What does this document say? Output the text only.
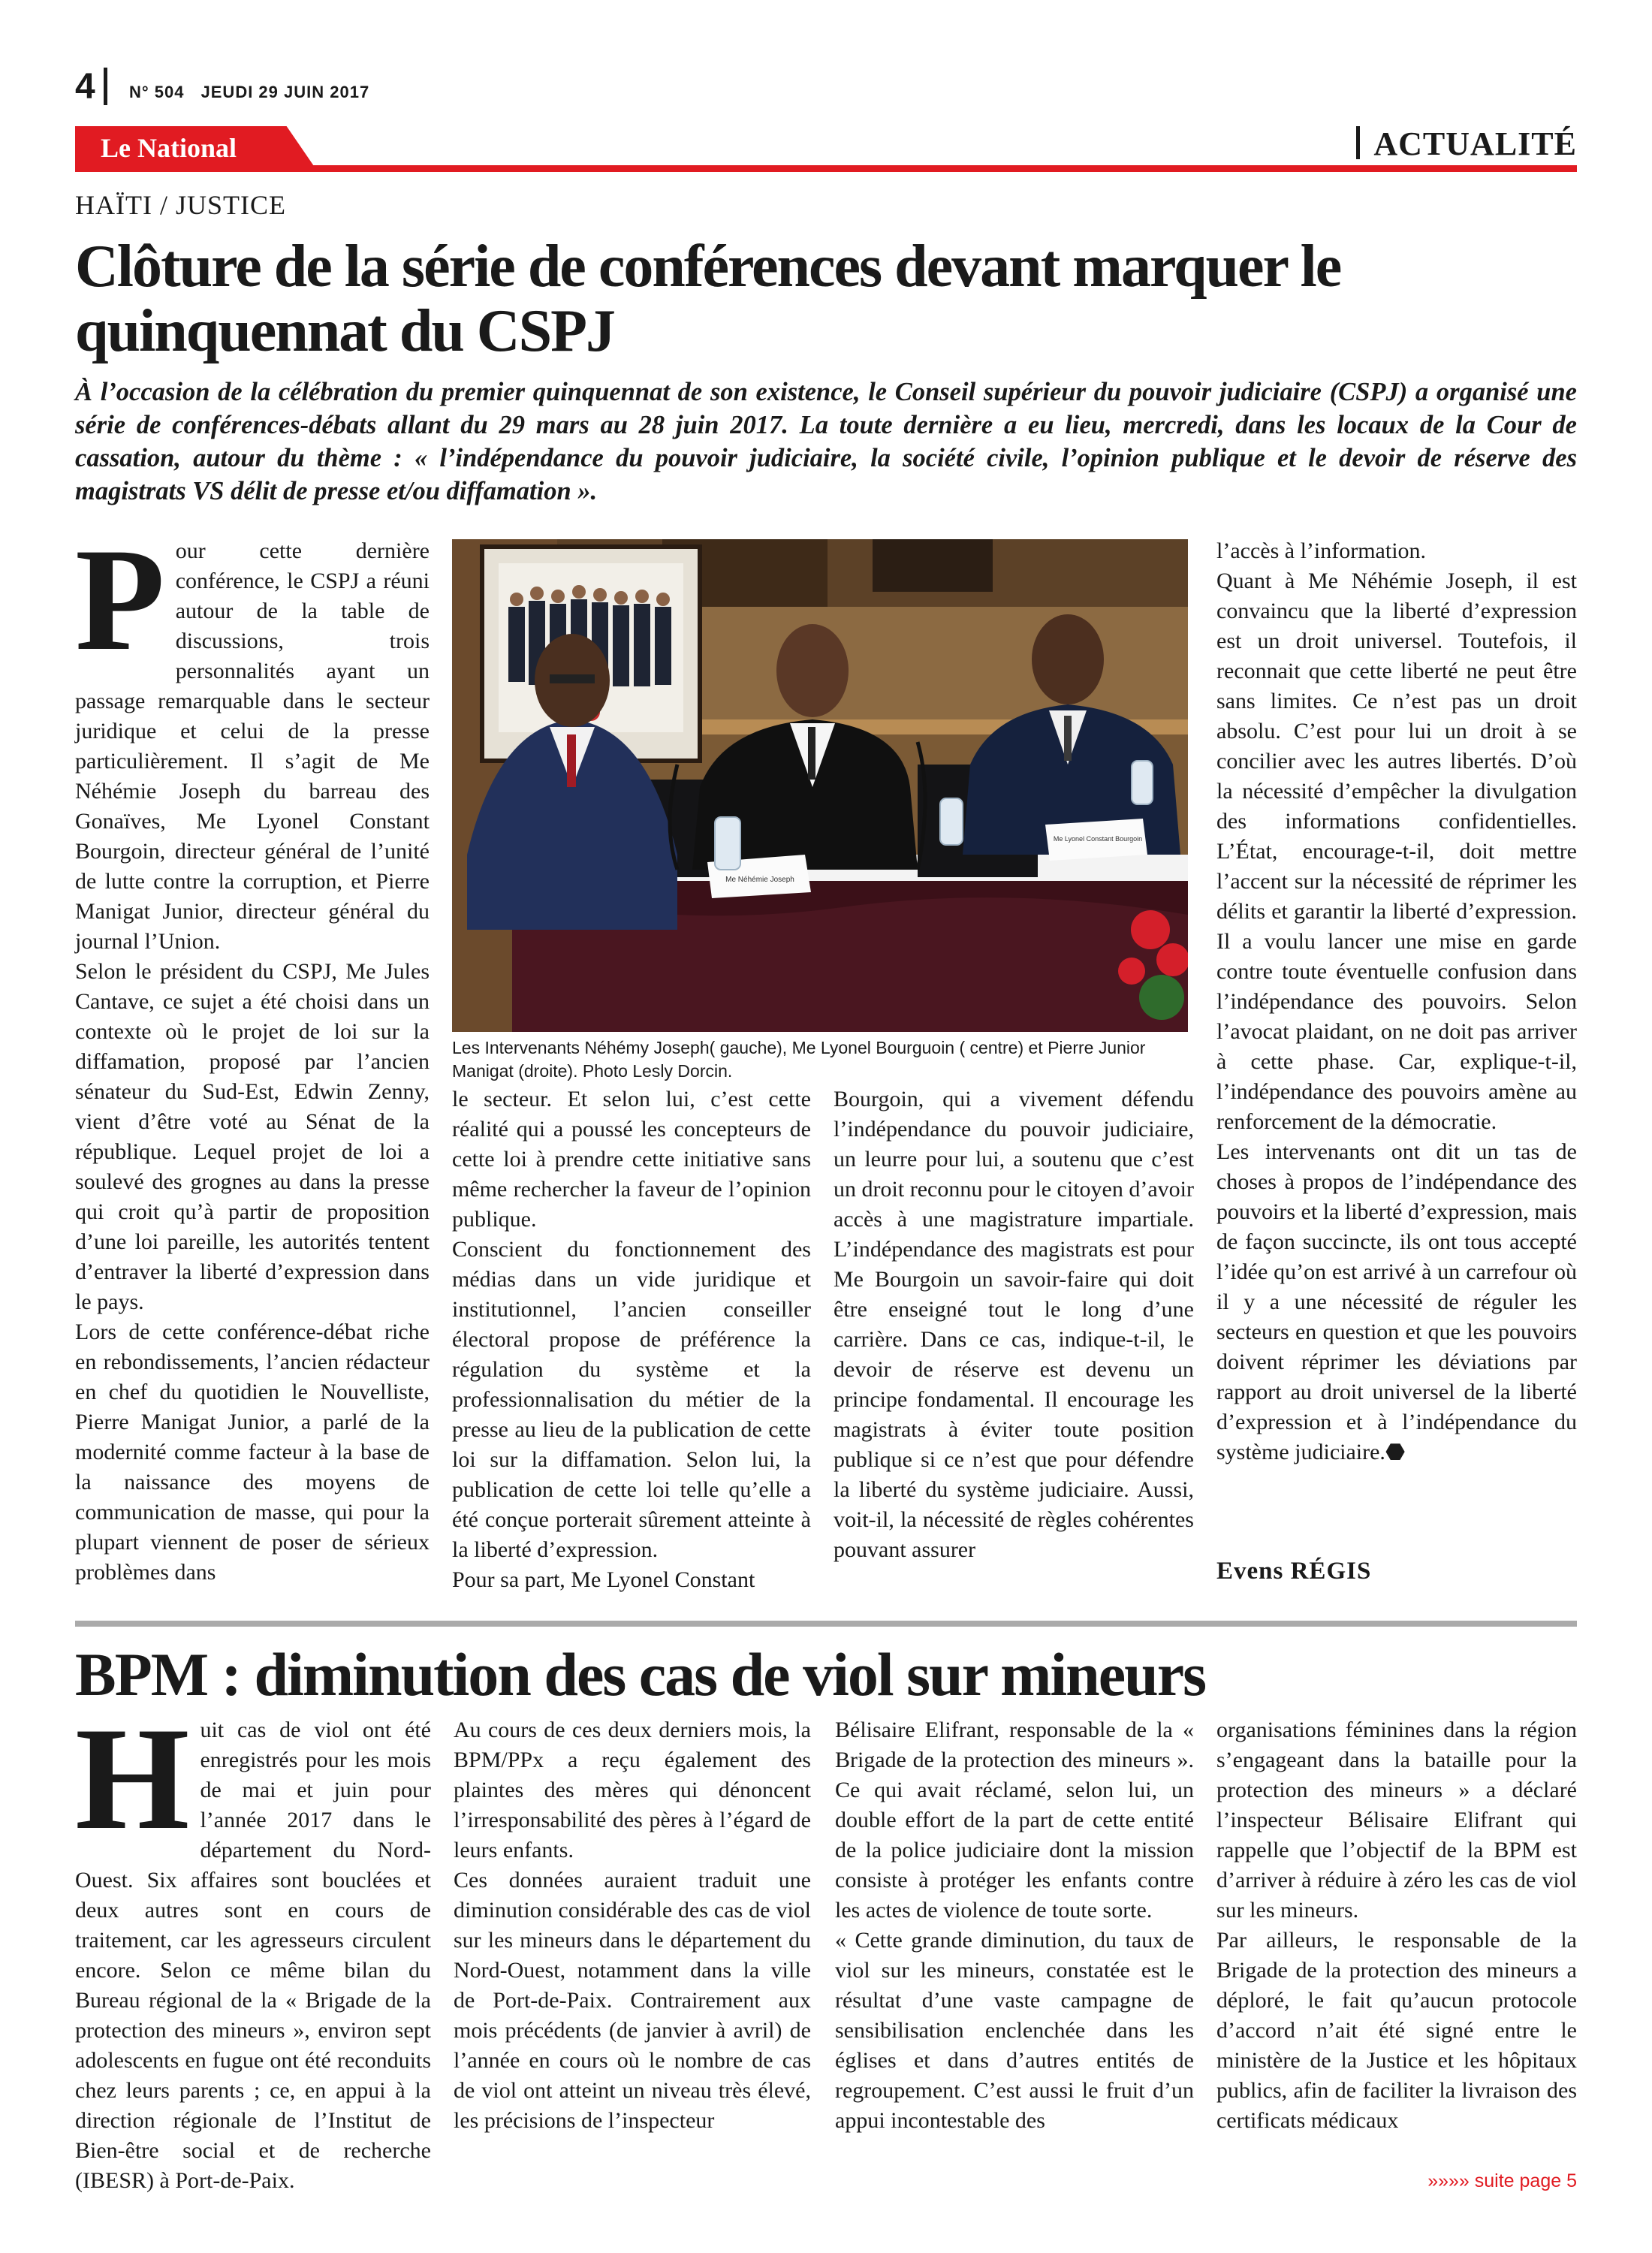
4 N° 504 JEUDI 29 JUIN 2017
Le National	ACTUALITÉ
HAÏTI / JUSTICE
Clôture de la série de conférences devant marquer le quinquennat du CSPJ

À l’occasion de la célébration du premier quinquennat de son existence, le Conseil supérieur du pouvoir judiciaire (CSPJ) a organisé une série de conférences-débats allant du 29 mars au 28 juin 2017. La toute dernière a eu lieu, mercredi, dans les locaux de la Cour de cassation, autour du thème : « l’indépendance du pouvoir judiciaire, la société civile, l’opinion publique et le devoir de réserve des magistrats VS délit de presse et/ou diffamation ».

Pour cette dernière conférence, le CSPJ a réuni autour de la table de discussions, trois personnalités ayant un passage remarquable dans le secteur juridique et celui de la presse particulièrement. Il s’agit de Me Néhémie Joseph du barreau des Gonaïves, Me Lyonel Constant Bourgoin, directeur général de l’unité de lutte contre la corruption, et Pierre Manigat Junior, directeur général du journal l’Union.

Selon le président du CSPJ, Me Jules Cantave, ce sujet a été choisi dans un contexte où le projet de loi sur la diffamation, proposé par l’ancien sénateur du Sud-Est, Edwin Zenny, vient d’être voté au Sénat de la république. Lequel projet de loi a soulevé des grognes au dans la presse qui croit qu’à partir de proposition d’une loi pareille, les autorités tentent d’entraver la liberté d’expression dans le pays.

Lors de cette conférence-débat riche en rebondissements, l’ancien rédacteur en chef du quotidien le Nouvelliste, Pierre Manigat Junior, a parlé de la modernité comme facteur à la base de la naissance des moyens de communication de masse, qui pour la plupart viennent de poser de sérieux problèmes dans

Me Néhémie Joseph
Me Lyonel Constant Bourgoin
Les Intervenants Néhémy Joseph( gauche), Me Lyonel Bourguoin ( centre) et Pierre Junior Manigat (droite). Photo Lesly Dorcin.

le secteur. Et selon lui, c’est cette réalité qui a poussé les concepteurs de cette loi à prendre cette initiative sans même rechercher la faveur de l’opinion publique.

Conscient du fonctionnement des médias dans un vide juridique et institutionnel, l’ancien conseiller électoral propose de préférence la régulation du système et la professionnalisation du métier de la presse au lieu de la publication de cette loi sur la diffamation. Selon lui, la publication de cette loi telle qu’elle a été conçue porterait sûrement atteinte à la liberté d’expression.

Pour sa part, Me Lyonel Constant

Bourgoin, qui a vivement défendu l’indépendance du pouvoir judiciaire, un leurre pour lui, a soutenu que c’est un droit reconnu pour le citoyen d’avoir accès à une magistrature impartiale. L’indépendance des magistrats est pour Me Bourgoin un savoir-faire qui doit être enseigné tout le long d’une carrière. Dans ce cas, indique-t-il, le devoir de réserve est devenu un principe fondamental. Il encourage les magistrats à éviter toute position publique si ce n’est que pour défendre la liberté du système judiciaire. Aussi, voit-il, la nécessité de règles cohérentes pouvant assurer

l’accès à l’information.

Quant à Me Néhémie Joseph, il est convaincu que la liberté d’expression est un droit universel. Toutefois, il reconnait que cette liberté ne peut être sans limites. Ce n’est pas un droit absolu. C’est pour lui un droit à se concilier avec les autres libertés. D’où la nécessité d’empêcher la divulgation des informations confidentielles. L’État, encourage-t-il, doit mettre l’accent sur la nécessité de réprimer les délits et garantir la liberté d’expression. Il a voulu lancer une mise en garde contre toute éventuelle confusion dans l’indépendance des pouvoirs. Selon l’avocat plaidant, on ne doit pas arriver à cette phase. Car, explique-t-il, l’indépendance des pouvoirs amène au renforcement de la démocratie.

Les intervenants ont dit un tas de choses à propos de l’indépendance des pouvoirs et la liberté d’expression, mais de façon succincte, ils ont tous accepté l’idée qu’on est arrivé à un carrefour où il y a une nécessité de réguler les secteurs en question et que les pouvoirs doivent réprimer les déviations par rapport au droit universel de la liberté d’expression et à l’indépendance du système judiciaire.⬣

Evens RÉGIS
BPM : diminution des cas de viol sur mineurs

Huit cas de viol ont été enregistrés pour les mois de mai et juin pour l’année 2017 dans le département du Nord-Ouest. Six affaires sont bouclées et deux autres sont en cours de traitement, car les agresseurs circulent encore. Selon ce même bilan du Bureau régional de la « Brigade de la protection des mineurs », environ sept adolescents en fugue ont été reconduits chez leurs parents ; ce, en appui à la direction régionale de l’Institut de Bien-être social et de recherche (IBESR) à Port-de-Paix.

Au cours de ces deux derniers mois, la BPM/PPx a reçu également des plaintes des mères qui dénoncent l’irresponsabilité des pères à l’égard de leurs enfants.

Ces données auraient traduit une diminution considérable des cas de viol sur les mineurs dans le département du Nord-Ouest, notamment dans la ville de Port-de-Paix. Contrairement aux mois précédents (de janvier à avril) de l’année en cours où le nombre de cas de viol ont atteint un niveau très élevé, les précisions de l’inspecteur

Bélisaire Elifrant, responsable de la « Brigade de la protection des mineurs ». Ce qui avait réclamé, selon lui, un double effort de la part de cette entité de la police judiciaire dont la mission consiste à protéger les enfants contre les actes de violence de toute sorte.

« Cette grande diminution, du taux de viol sur les mineurs, constatée est le résultat d’une vaste campagne de sensibilisation enclenchée dans les églises et dans d’autres entités de regroupement. C’est aussi le fruit d’un appui incontestable des

organisations féminines dans la région s’engageant dans la bataille pour la protection des mineurs » a déclaré l’inspecteur Bélisaire Elifrant qui rappelle que l’objectif de la BPM est d’arriver à réduire à zéro les cas de viol sur les mineurs.

Par ailleurs, le responsable de la Brigade de la protection des mineurs a déploré, le fait qu’aucun protocole d’accord n’ait été signé entre le ministère de la Justice et les hôpitaux publics, afin de faciliter la livraison des certificats médicaux

»»»» suite page 5
